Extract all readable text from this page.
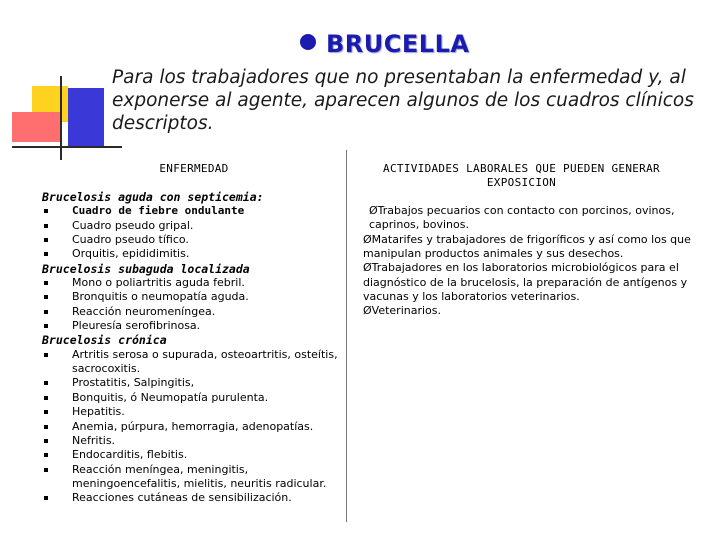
BRUCELLA
Para los trabajadores que no presentaban la enfermedad y, al exponerse al agente, aparecen algunos de los cuadros clínicos descriptos.
ENFERMEDAD
Brucelosis aguda con septicemia:
Cuadro de fiebre ondulante
Cuadro pseudo gripal.
Cuadro pseudo tífico.
Orquitis, epididimitis.
Brucelosis subaguda localizada
Mono o poliartritis aguda febril.
Bronquitis o neumopatía aguda.
Reacción neuromeníngea.
Pleuresía serofibrinosa.
Brucelosis crónica
Artritis serosa o supurada, osteoartritis, osteítis, sacrocoxitis.
Prostatitis, Salpingitis,
Bonquitis, ó Neumopatía purulenta.
Hepatitis.
Anemia, púrpura, hemorragia, adenopatías.
Nefritis.
Endocarditis, flebitis.
Reacción meníngea, meningitis, meningoencefalitis, mielitis, neuritis radicular.
Reacciones cutáneas de sensibilización.
ACTIVIDADES LABORALES QUE PUEDEN GENERAR EXPOSICION

ØTrabajos pecuarios con contacto con porcinos, ovinos, caprinos, bovinos.

ØMatarifes y trabajadores de frigoríficos y así como los que manipulan productos animales y sus desechos.

ØTrabajadores en los laboratorios microbiológicos para el diagnóstico de la brucelosis, la preparación de antígenos y vacunas y los laboratorios veterinarios.

ØVeterinarios.
